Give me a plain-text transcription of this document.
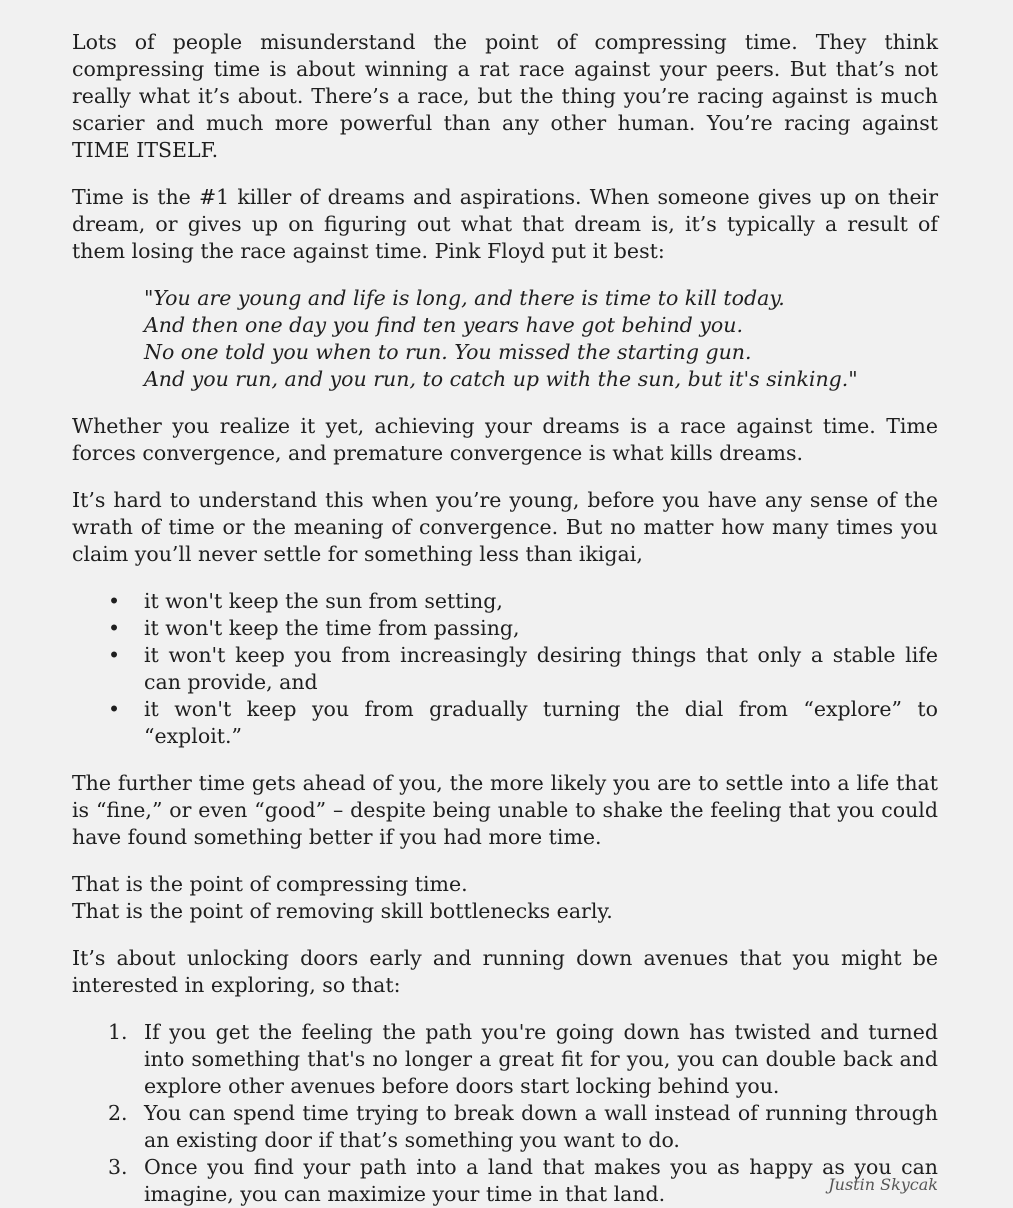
Lots of people misunderstand the point of compressing time. They think compressing time is about winning a rat race against your peers. But that’s not really what it’s about. There’s a race, but the thing you’re racing against is much scarier and much more powerful than any other human. You’re racing against TIME ITSELF.

Time is the #1 killer of dreams and aspirations. When someone gives up on their dream, or gives up on figuring out what that dream is, it’s typically a result of them losing the race against time. Pink Floyd put it best:

"You are young and life is long, and there is time to kill today.
And then one day you find ten years have got behind you.
No one told you when to run. You missed the starting gun.
And you run, and you run, to catch up with the sun, but it's sinking."

Whether you realize it yet, achieving your dreams is a race against time. Time forces convergence, and premature convergence is what kills dreams.

It’s hard to understand this when you’re young, before you have any sense of the wrath of time or the meaning of convergence. But no matter how many times you claim you’ll never settle for something less than ikigai,

• it won't keep the sun from setting,
• it won't keep the time from passing,
• it won't keep you from increasingly desiring things that only a stable life can provide, and
• it won't keep you from gradually turning the dial from “explore” to “exploit.”

The further time gets ahead of you, the more likely you are to settle into a life that is “fine,” or even “good” – despite being unable to shake the feeling that you could have found something better if you had more time.

That is the point of compressing time.
That is the point of removing skill bottlenecks early.

It’s about unlocking doors early and running down avenues that you might be interested in exploring, so that:

1. If you get the feeling the path you're going down has twisted and turned into something that's no longer a great fit for you, you can double back and explore other avenues before doors start locking behind you.
2. You can spend time trying to break down a wall instead of running through an existing door if that’s something you want to do.
3. Once you find your path into a land that makes you as happy as you can imagine, you can maximize your time in that land.	Justin Skycak
